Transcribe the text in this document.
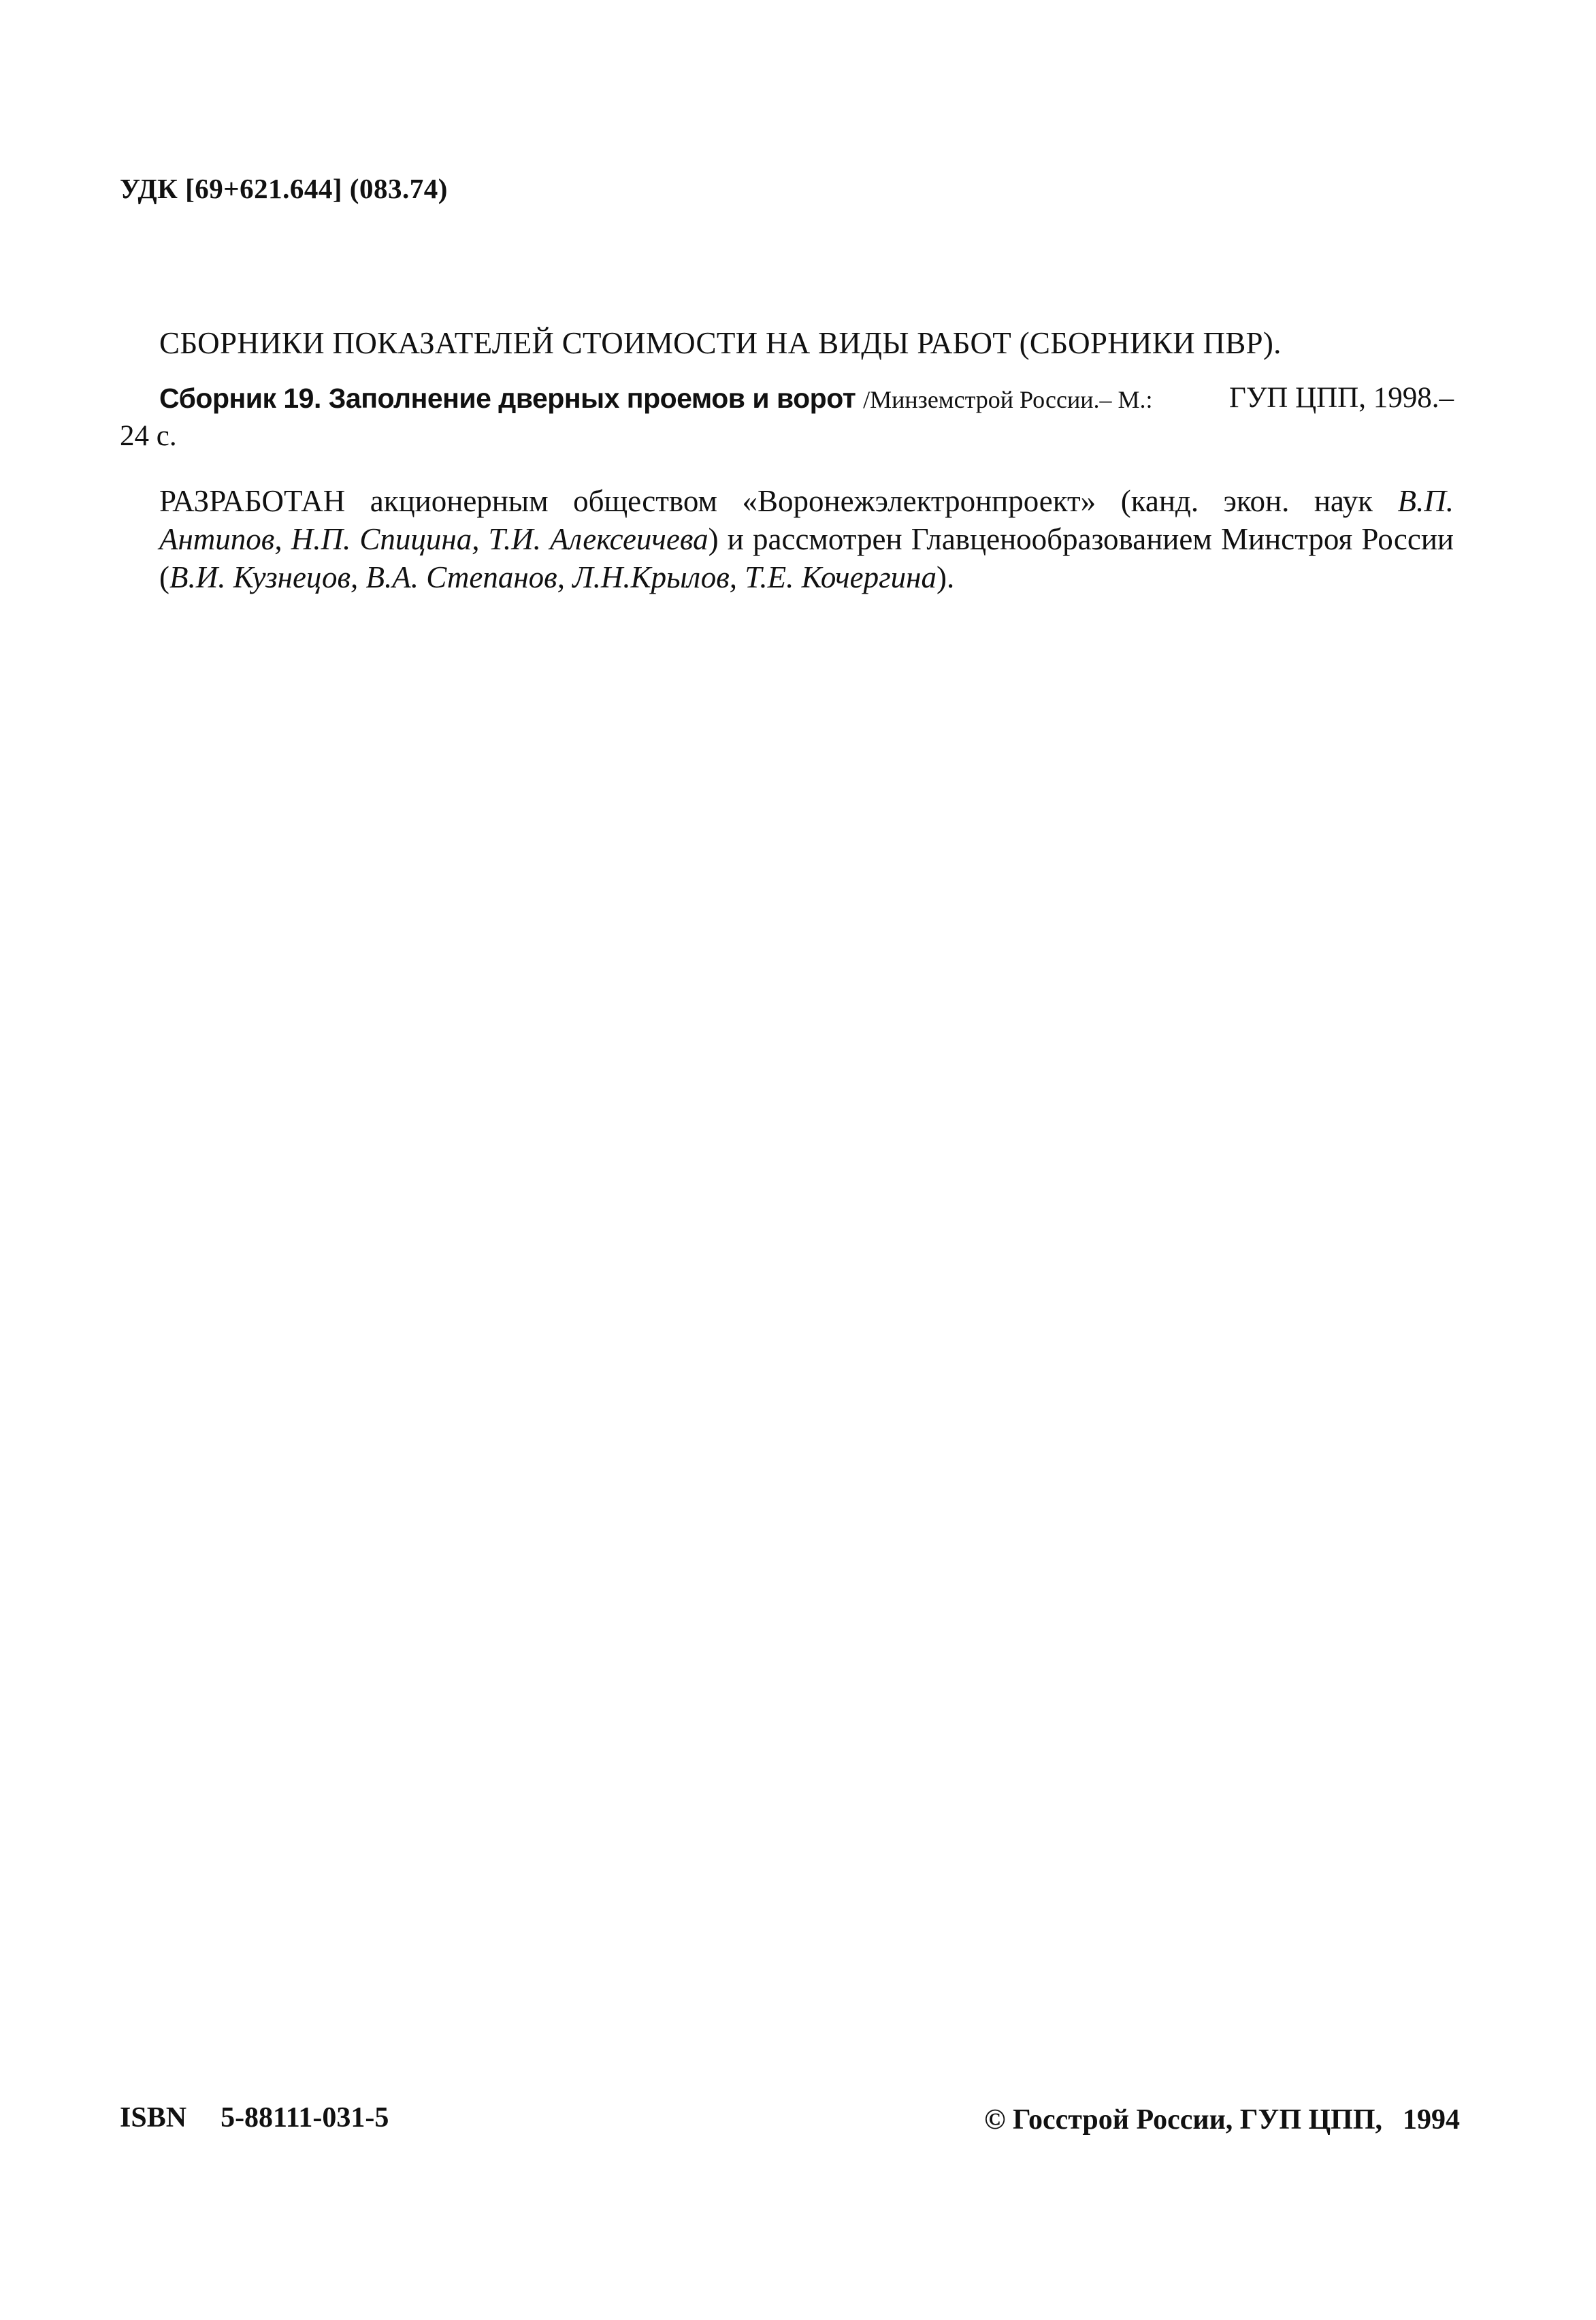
УДК [69+621.644] (083.74)
СБОРНИКИ ПОКАЗАТЕЛЕЙ СТОИМОСТИ НА ВИДЫ РАБОТ (СБОРНИКИ ПВР).
Сборник 19. Заполнение дверных проемов и ворот /Минземстрой России.– М.:	ГУП ЦПП, 1998.–
24 с.
РАЗРАБОТАН акционерным обществом «Воронежэлектронпроект» (канд. экон. наук В.П. Антипов, Н.П. Спицина, Т.И. Алексеичева) и рассмотрен Главценообразованием Минстроя России (В.И. Кузнецов, В.А. Степанов, Л.Н.Крылов, Т.Е. Кочергина).
ISBN 5-88111-031-5	© Госстрой России, ГУП ЦПП, 1994
